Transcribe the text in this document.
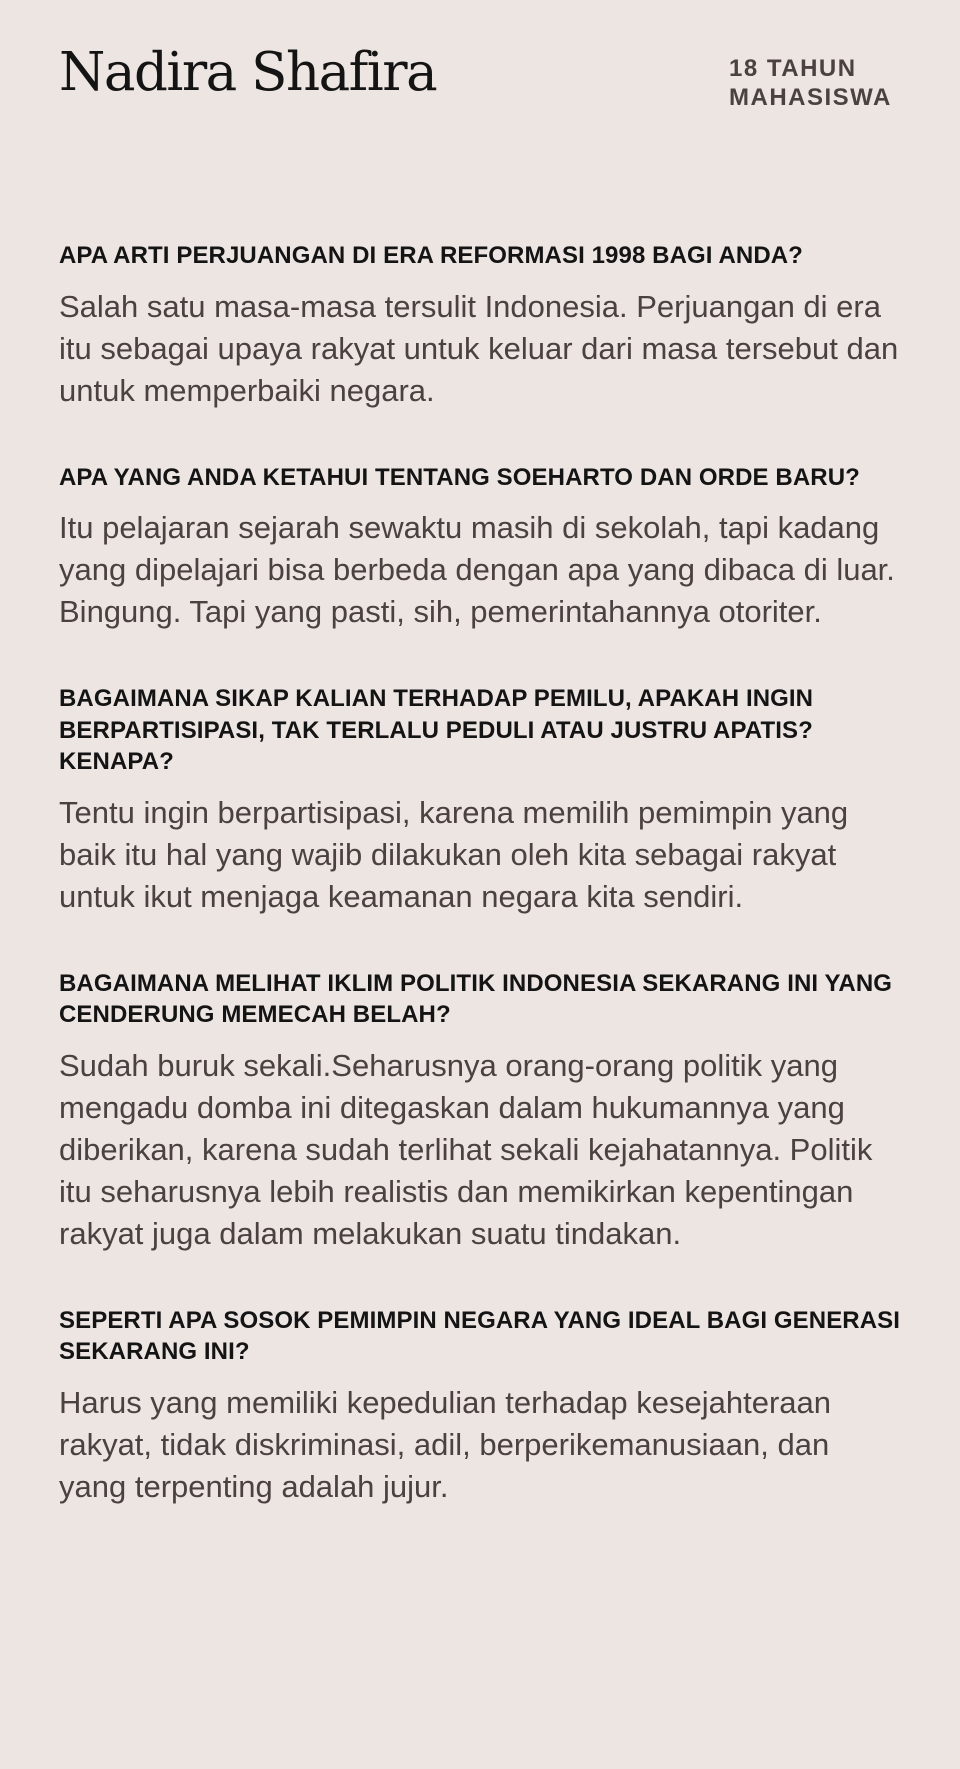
Nadira Shafira	18 TAHUN
MAHASISWA
APA ARTI PERJUANGAN DI ERA REFORMASI 1998 BAGI ANDA?

Salah satu masa-masa tersulit Indonesia. Perjuangan di era itu sebagai upaya rakyat untuk keluar dari masa tersebut dan untuk memperbaiki negara.

APA YANG ANDA KETAHUI TENTANG SOEHARTO DAN ORDE BARU?

Itu pelajaran sejarah sewaktu masih di sekolah, tapi kadang yang dipelajari bisa berbeda dengan apa yang dibaca di luar. Bingung. Tapi yang pasti, sih, pemerintahannya otoriter.

BAGAIMANA SIKAP KALIAN TERHADAP PEMILU, APAKAH INGIN BERPARTISIPASI, TAK TERLALU PEDULI ATAU JUSTRU APATIS? KENAPA?

Tentu ingin berpartisipasi, karena memilih pemimpin yang baik itu hal yang wajib dilakukan oleh kita sebagai rakyat untuk ikut menjaga keamanan negara kita sendiri.

BAGAIMANA MELIHAT IKLIM POLITIK INDONESIA SEKARANG INI YANG CENDERUNG MEMECAH BELAH?

Sudah buruk sekali.Seharusnya orang-orang politik yang mengadu domba ini ditegaskan dalam hukumannya yang diberikan, karena sudah terlihat sekali kejahatannya. Politik itu seharusnya lebih realistis dan memikirkan kepentingan rakyat juga dalam melakukan suatu tindakan.

SEPERTI APA SOSOK PEMIMPIN NEGARA YANG IDEAL BAGI GENERASI SEKARANG INI?

Harus yang memiliki kepedulian terhadap kesejahteraan rakyat, tidak diskriminasi, adil, berperikemanusiaan, dan yang terpenting adalah jujur.
